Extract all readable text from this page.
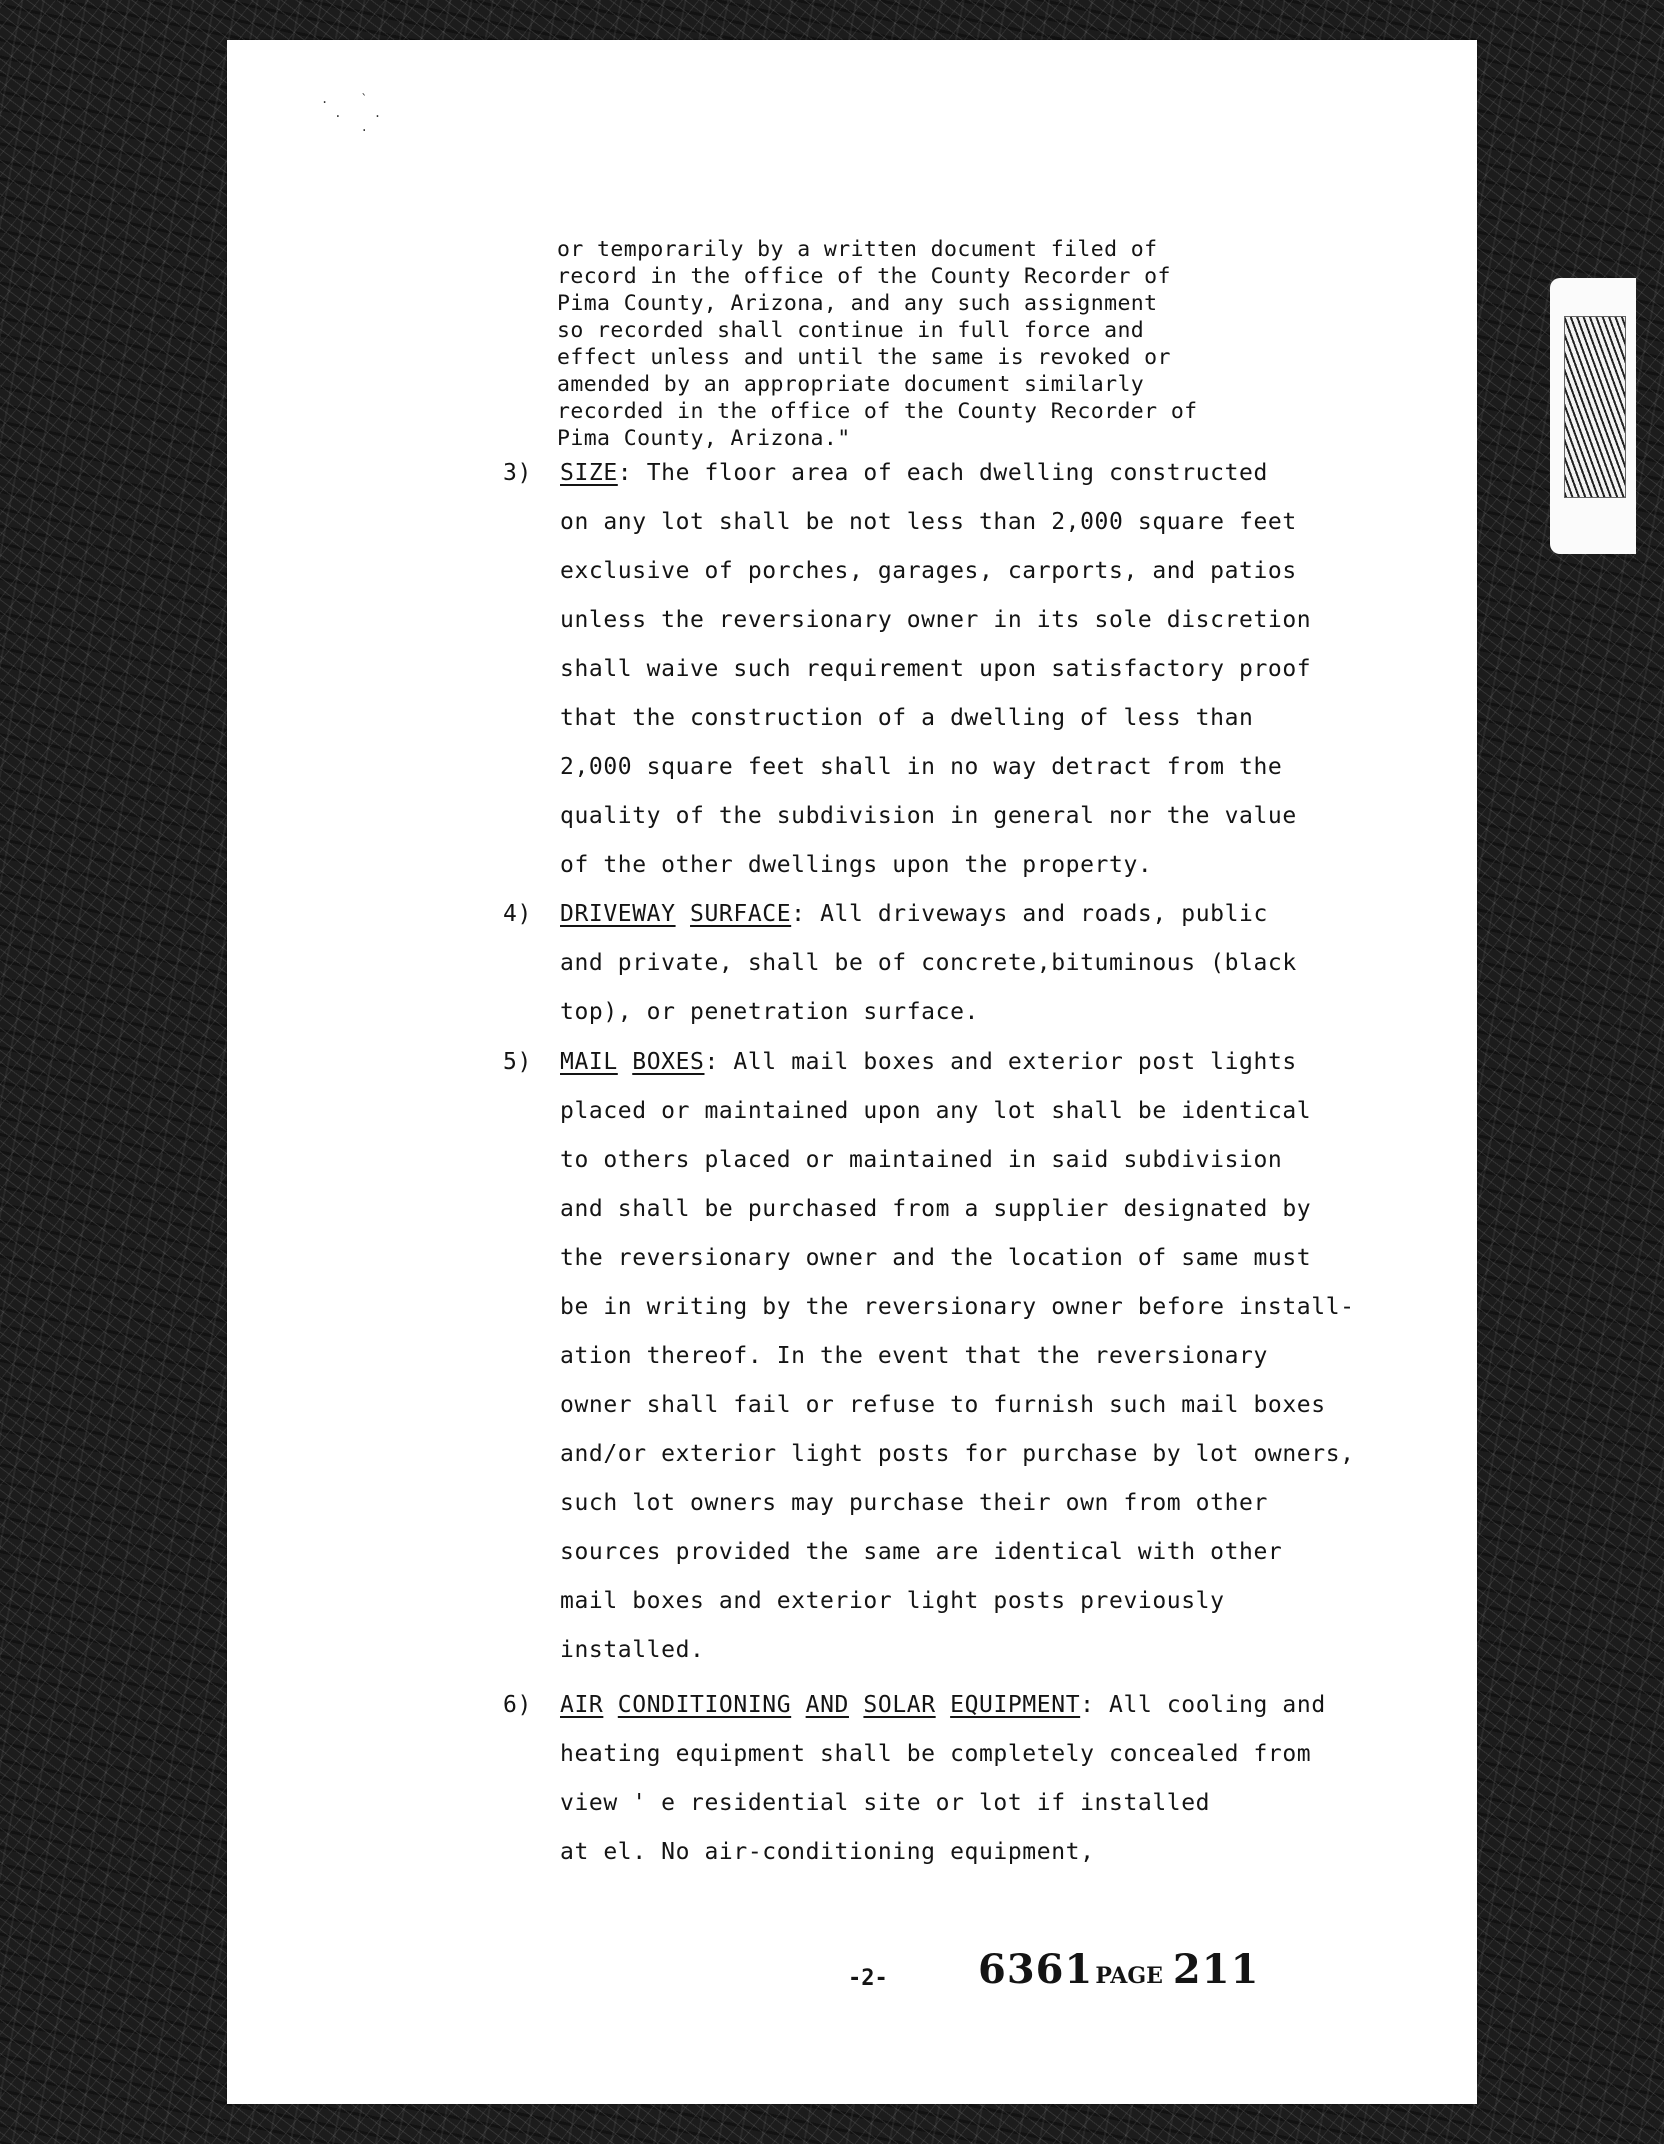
.  `
.  .
.
or temporarily by a written document filed of
record in the office of the County Recorder of
Pima County, Arizona, and any such assignment
so recorded shall continue in full force and
effect unless and until the same is revoked or
amended by an appropriate document similarly
recorded in the office of the County Recorder of
Pima County, Arizona."
3) SIZE: The floor area of each dwelling constructed
on any lot shall be not less than 2,000 square feet
exclusive of porches, garages, carports, and patios
unless the reversionary owner in its sole discretion
shall waive such requirement upon satisfactory proof
that the construction of a dwelling of less than
2,000 square feet shall in no way detract from the
quality of the subdivision in general nor the value
of the other dwellings upon the property.
4) DRIVEWAY SURFACE: All driveways and roads, public
and private, shall be of concrete,bituminous (black
top), or penetration surface.
5) MAIL BOXES: All mail boxes and exterior post lights
placed or maintained upon any lot shall be identical
to others placed or maintained in said subdivision
and shall be purchased from a supplier designated by
the reversionary owner and the location of same must
be in writing by the reversionary owner before install-
ation thereof. In the event that the reversionary
owner shall fail or refuse to furnish such mail boxes
and/or exterior light posts for purchase by lot owners,
such lot owners may purchase their own from other
sources provided the same are identical with other
mail boxes and exterior light posts previously
installed.
6) AIR CONDITIONING AND SOLAR EQUIPMENT: All cooling and
heating equipment shall be completely concealed from
view ' e residential site or lot if installed
at el. No air-conditioning equipment,
-2- 6361PAGE 211
